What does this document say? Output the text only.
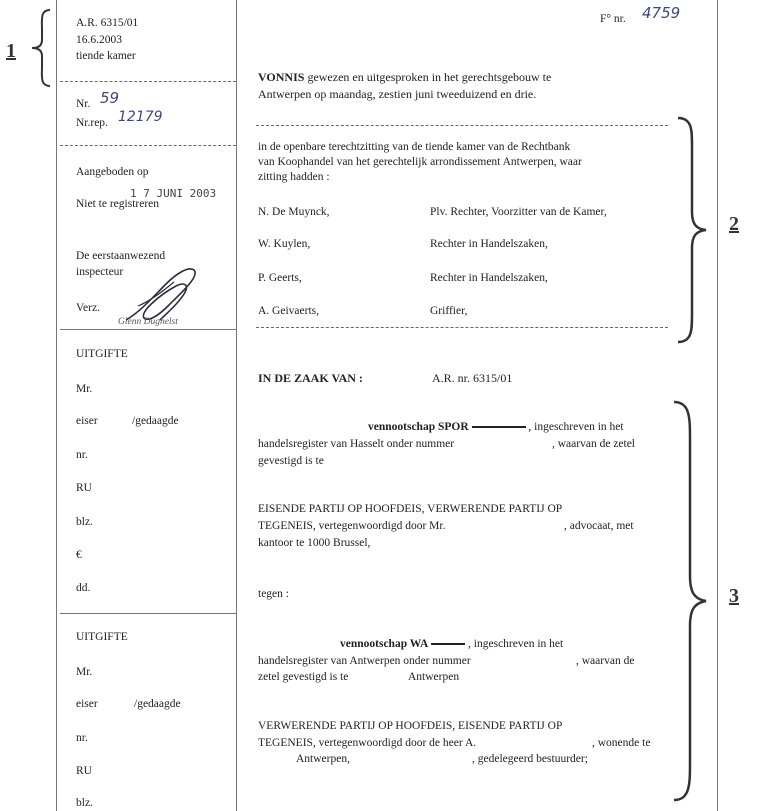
1
2
3
A.R. 6315/01
16.6.2003
tiende kamer
F° nr. 4759
Nr. 59
Nr.rep. 12179
Aangeboden op
1 7 JUNI 2003
Niet te registreren
De eerstaanwezend
inspecteur
Verz.
Glenn Dughelst
UITGIFTE
Mr.
eiser	/gedaagde
nr.
RU
blz.
€
dd.
UITGIFTE
Mr.
eiser	/gedaagde
nr.
RU
blz.
VONNIS gewezen en uitgesproken in het gerechtsgebouw te
Antwerpen op maandag, zestien juni tweeduizend en drie.
in de openbare terechtzitting van de tiende kamer van de Rechtbank
van Koophandel van het gerechtelijk arrondissement Antwerpen, waar
zitting hadden :
N. De Muynck,	Plv. Rechter, Voorzitter van de Kamer,
W. Kuylen,	Rechter in Handelszaken,
P. Geerts,	Rechter in Handelszaken,
A. Geivaerts,	Griffier,
IN DE ZAAK VAN :	A.R. nr. 6315/01
vennootschap SPOR	, ingeschreven in het
handelsregister van Hasselt onder nummer	, waarvan de zetel
gevestigd is te
EISENDE PARTIJ OP HOOFDEIS, VERWERENDE PARTIJ OP
TEGENEIS, vertegenwoordigd door Mr.	, advocaat, met
kantoor te 1000 Brussel,
tegen :
vennootschap WA	, ingeschreven in het
handelsregister van Antwerpen onder nummer	, waarvan de
zetel gevestigd is te	Antwerpen
VERWERENDE PARTIJ OP HOOFDEIS, EISENDE PARTIJ OP
TEGENEIS, vertegenwoordigd door de heer A.	, wonende te
Antwerpen,	, gedelegeerd bestuurder;
